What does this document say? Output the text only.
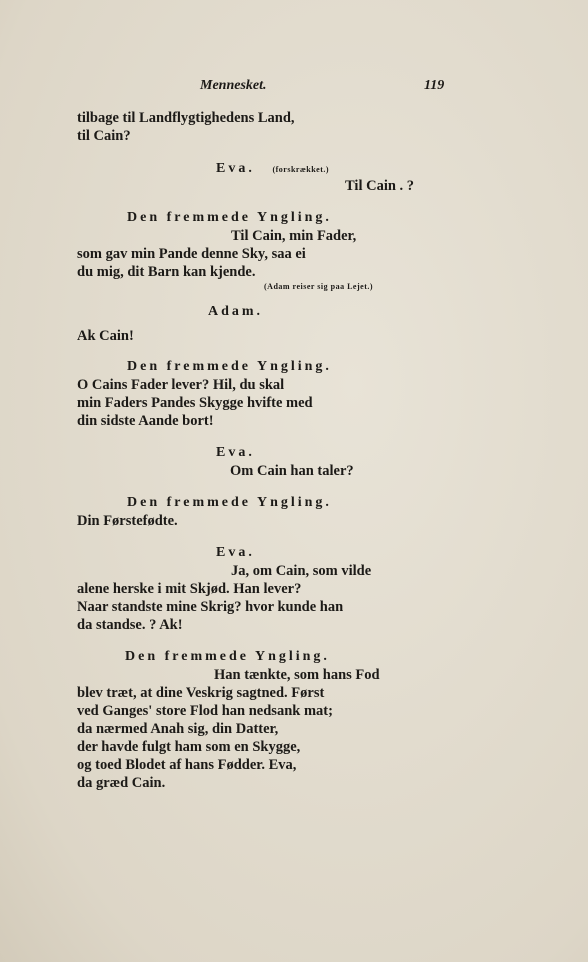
Mennesket.	119
tilbage til Landflygtighedens Land,
til Cain?
Eva. (forskrækket.)
Til Cain . ?
Den fremmede Yngling.
Til Cain, min Fader,
som gav min Pande denne Sky, saa ei
du mig, dit Barn kan kjende.
(Adam reiser sig paa Lejet.)
Adam.
Ak Cain!
Den fremmede Yngling.
O Cains Fader lever? Hil, du skal
min Faders Pandes Skygge hvifte med
din sidste Aande bort!
Eva.
Om Cain han taler?
Den fremmede Yngling.
Din Førstefødte.
Eva.
Ja, om Cain, som vilde
alene herske i mit Skjød. Han lever?
Naar standste mine Skrig? hvor kunde han
da standse. ? Ak!
Den fremmede Yngling.
Han tænkte, som hans Fod
blev træt, at dine Veskrig sagtned. Først
ved Ganges' store Flod han nedsank mat;
da nærmed Anah sig, din Datter,
der havde fulgt ham som en Skygge,
og toed Blodet af hans Fødder. Eva,
da græd Cain.
